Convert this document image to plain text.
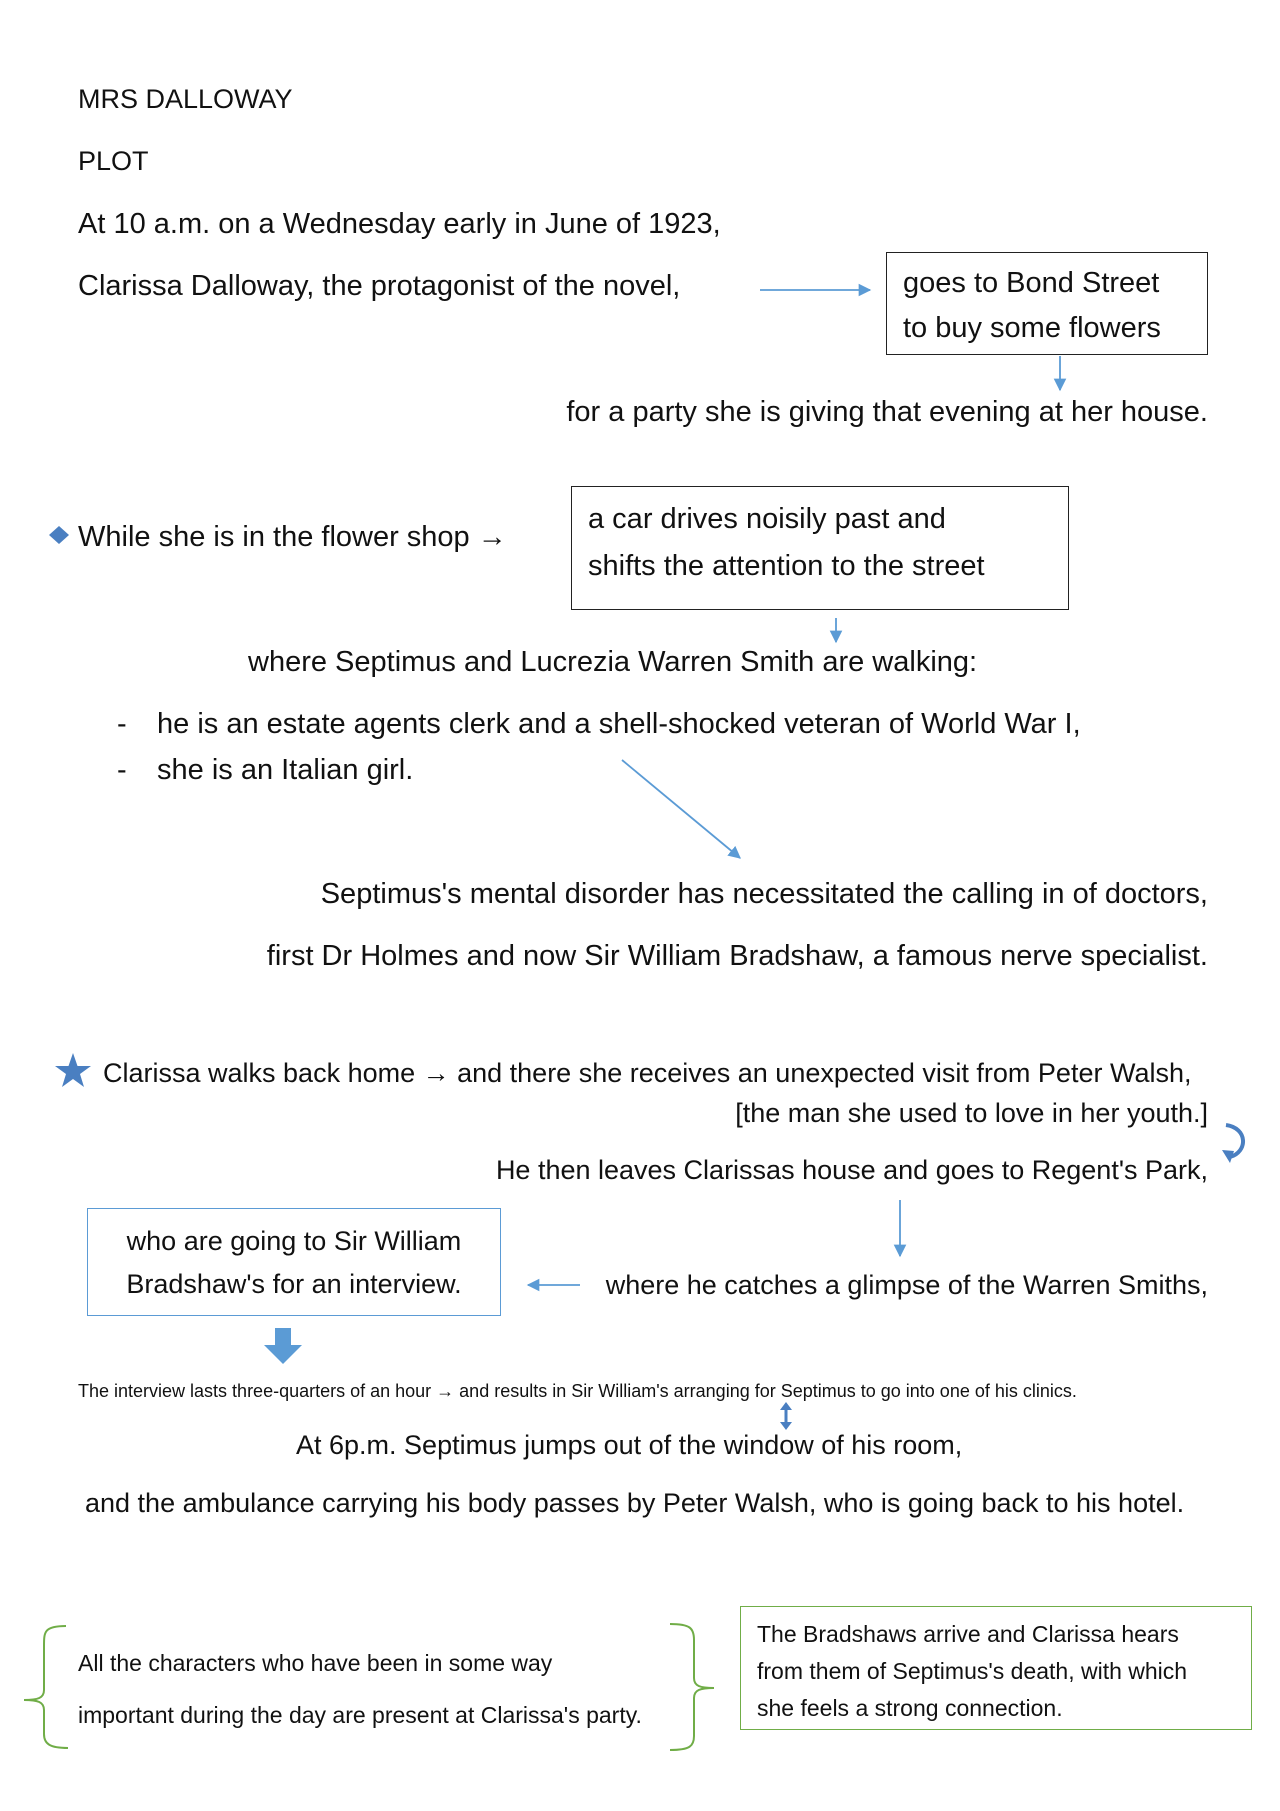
MRS DALLOWAY
PLOT
At 10 a.m. on a Wednesday early in June of 1923,
Clarissa Dalloway, the protagonist of the novel,	goes to Bond Street
to buy some flowers
for a party she is giving that evening at her house.
While she is in the flower shop →
a car drives noisily past and
shifts the attention to the street
where Septimus and Lucrezia Warren Smith are walking:
- he is an estate agents clerk and a shell-shocked veteran of World War I,
- she is an Italian girl.
Septimus's mental disorder has necessitated the calling in of doctors,
first Dr Holmes and now Sir William Bradshaw, a famous nerve specialist.
Clarissa walks back home → and there she receives an unexpected visit from Peter Walsh,
[the man she used to love in her youth.]
He then leaves Clarissas house and goes to Regent's Park,
who are going to Sir William
Bradshaw's for an interview.	where he catches a glimpse of the Warren Smiths,
The interview lasts three-quarters of an hour → and results in Sir William's arranging for Septimus to go into one of his clinics.
At 6p.m. Septimus jumps out of the window of his room,
and the ambulance carrying his body passes by Peter Walsh, who is going back to his hotel.
All the characters who have been in some way
important during the day are present at Clarissa's party.
The Bradshaws arrive and Clarissa hears
from them of Septimus's death, with which
she feels a strong connection.
